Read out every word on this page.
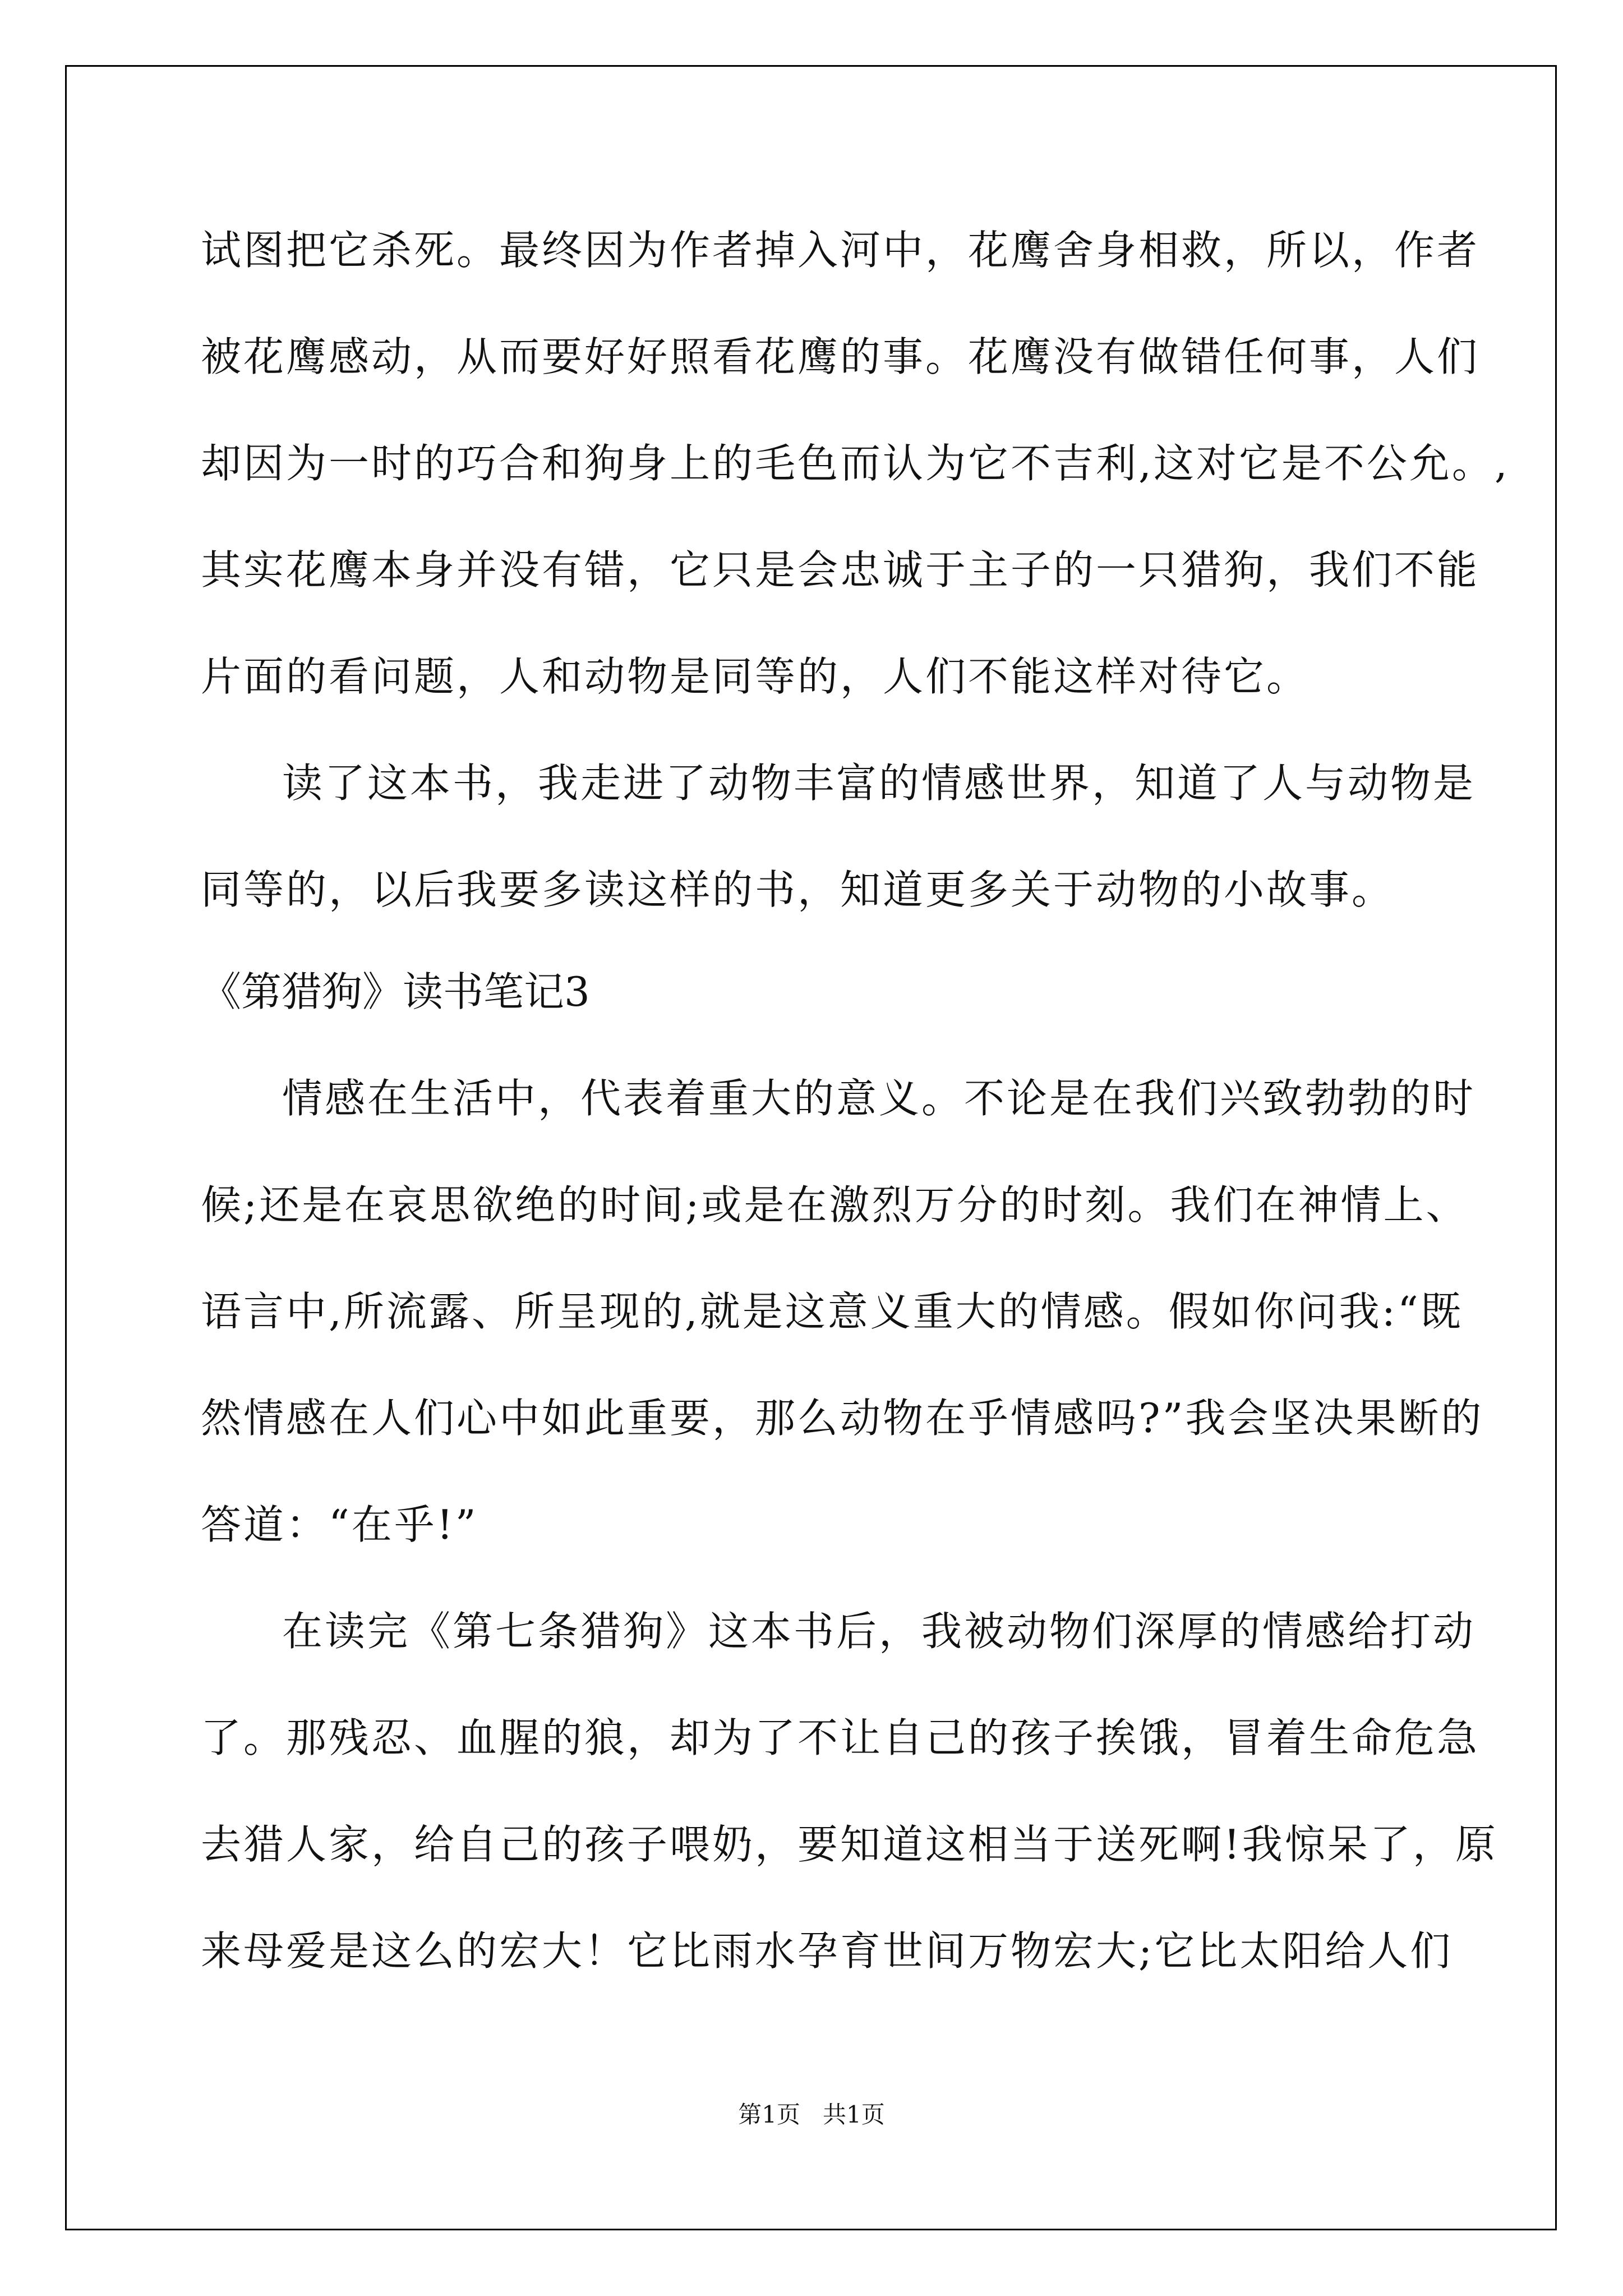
试图把它杀死。最终因为作者掉入河中，花鹰舍身相救，所以，作者
被花鹰感动，从而要好好照看花鹰的事。花鹰没有做错任何事，人们
却因为一时的巧合和狗身上的毛色而认为它不吉利,这对它是不公允。,
其实花鹰本身并没有错，它只是会忠诚于主子的一只猎狗，我们不能
片面的看问题，人和动物是同等的，人们不能这样对待它。
读了这本书，我走进了动物丰富的情感世界，知道了人与动物是
同等的，以后我要多读这样的书，知道更多关于动物的小故事。
《第猎狗》读书笔记3
情感在生活中，代表着重大的意义。不论是在我们兴致勃勃的时
候;还是在哀思欲绝的时间;或是在激烈万分的时刻。我们在神情上、
语言中,所流露、所呈现的,就是这意义重大的情感。假如你问我:“既
然情感在人们心中如此重要，那么动物在乎情感吗?”我会坚决果断的
答道：“在乎!”
在读完《第七条猎狗》这本书后，我被动物们深厚的情感给打动
了。那残忍、血腥的狼，却为了不让自己的孩子挨饿，冒着生命危急
去猎人家，给自己的孩子喂奶，要知道这相当于送死啊!我惊呆了，原
来母爱是这么的宏大！它比雨水孕育世间万物宏大;它比太阳给人们
第1页   共1页
